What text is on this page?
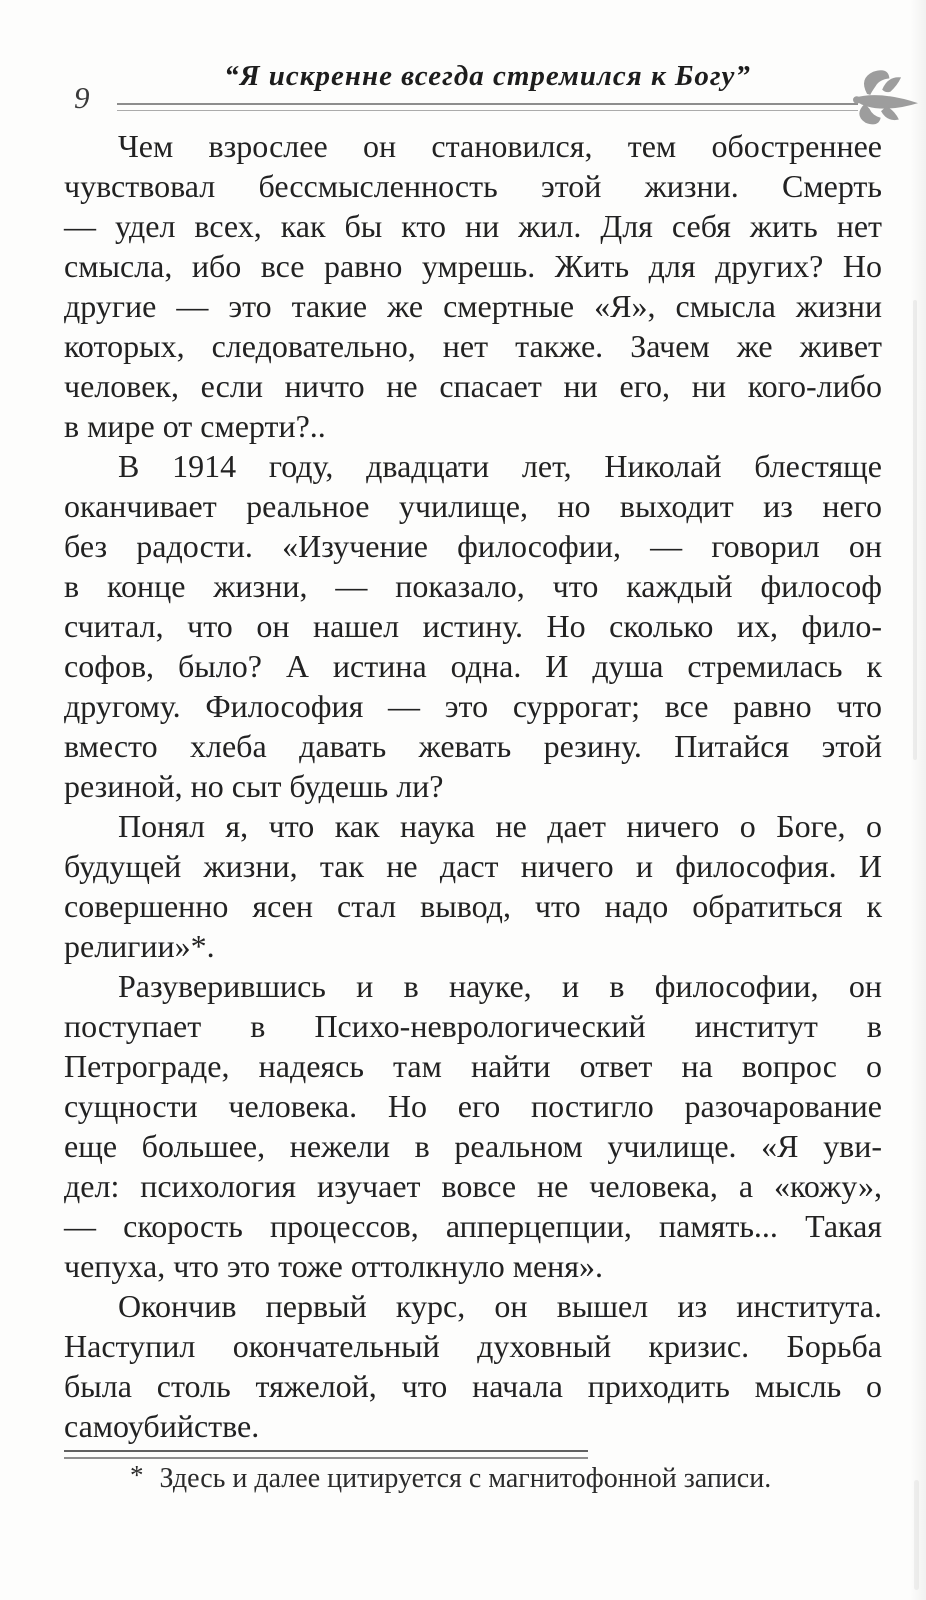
9
“Я искренне всегда стремился к Богу”

Чем взрослее он становился, тем обостреннее
чувствовал бессмысленность этой жизни. Смерть
— удел всех, как бы кто ни жил. Для себя жить нет
смысла, ибо все равно умрешь. Жить для других? Но
другие — это такие же смертные «Я», смысла жизни
которых, следовательно, нет также. Зачем же живет
человек, если ничто не спасает ни его, ни кого-либо
в мире от смерти?..

В 1914 году, двадцати лет, Николай блестяще
оканчивает реальное училище, но выходит из него
без радости. «Изучение философии, — говорил он
в конце жизни, — показало, что каждый философ
считал, что он нашел истину. Но сколько их, фило-
софов, было? А истина одна. И душа стремилась к
другому. Философия — это суррогат; все равно что
вместо хлеба давать жевать резину. Питайся этой
резиной, но сыт будешь ли?

Понял я, что как наука не дает ничего о Боге, о
будущей жизни, так не даст ничего и философия. И
совершенно ясен стал вывод, что надо обратиться к
религии»*.

Разуверившись и в науке, и в философии, он
поступает в Психо-неврологический институт в
Петрограде, надеясь там найти ответ на вопрос о
сущности человека. Но его постигло разочарование
еще большее, нежели в реальном училище. «Я уви-
дел: психология изучает вовсе не человека, а «кожу»,
— скорость процессов, апперцепции, память... Такая
чепуха, что это тоже оттолкнуло меня».

Окончив первый курс, он вышел из института.
Наступил окончательный духовный кризис. Борьба
была столь тяжелой, что начала приходить мысль о
самоубийстве.

* Здесь и далее цитируется с магнитофонной записи.
